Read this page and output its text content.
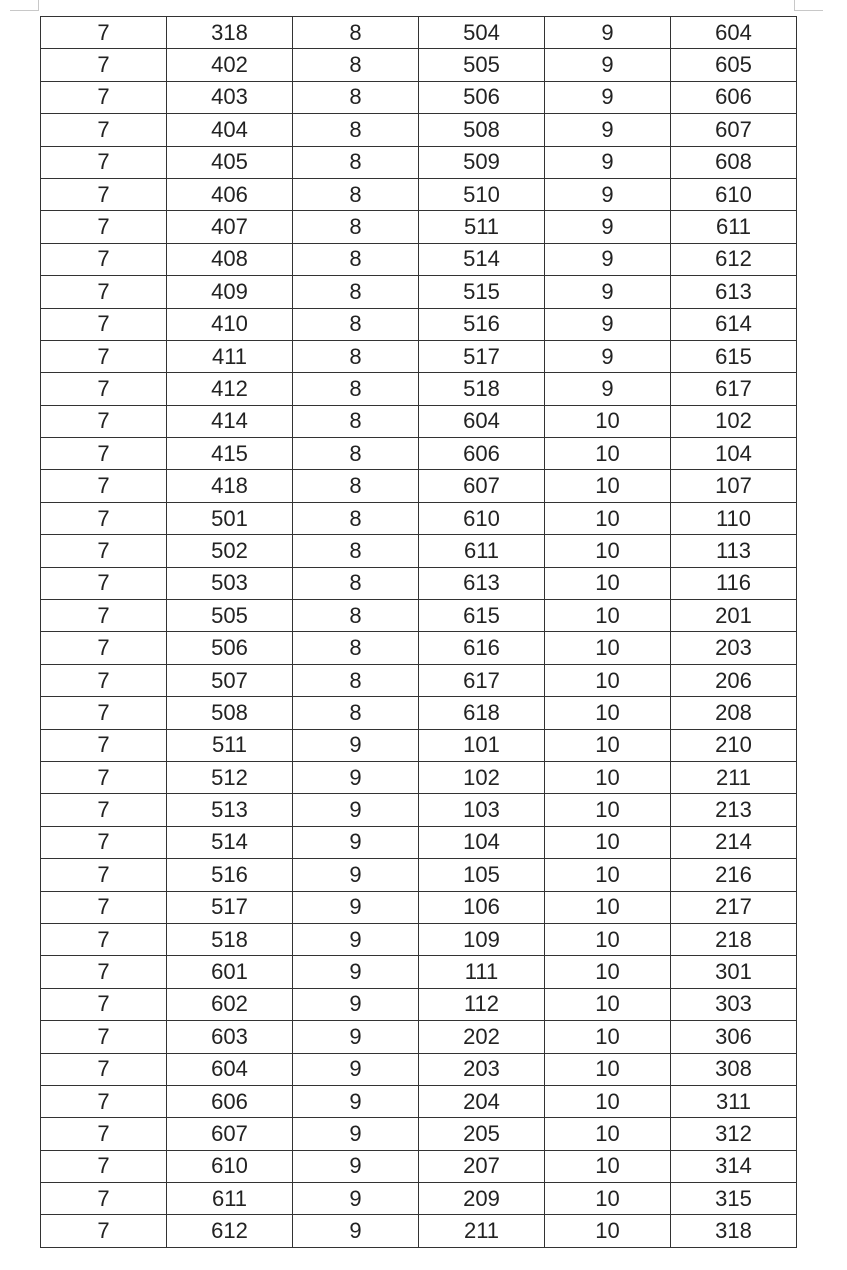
7	318	8	504	9	604
7	402	8	505	9	605
7	403	8	506	9	606
7	404	8	508	9	607
7	405	8	509	9	608
7	406	8	510	9	610
7	407	8	511	9	611
7	408	8	514	9	612
7	409	8	515	9	613
7	410	8	516	9	614
7	411	8	517	9	615
7	412	8	518	9	617
7	414	8	604	10	102
7	415	8	606	10	104
7	418	8	607	10	107
7	501	8	610	10	110
7	502	8	611	10	113
7	503	8	613	10	116
7	505	8	615	10	201
7	506	8	616	10	203
7	507	8	617	10	206
7	508	8	618	10	208
7	511	9	101	10	210
7	512	9	102	10	211
7	513	9	103	10	213
7	514	9	104	10	214
7	516	9	105	10	216
7	517	9	106	10	217
7	518	9	109	10	218
7	601	9	111	10	301
7	602	9	112	10	303
7	603	9	202	10	306
7	604	9	203	10	308
7	606	9	204	10	311
7	607	9	205	10	312
7	610	9	207	10	314
7	611	9	209	10	315
7	612	9	211	10	318
